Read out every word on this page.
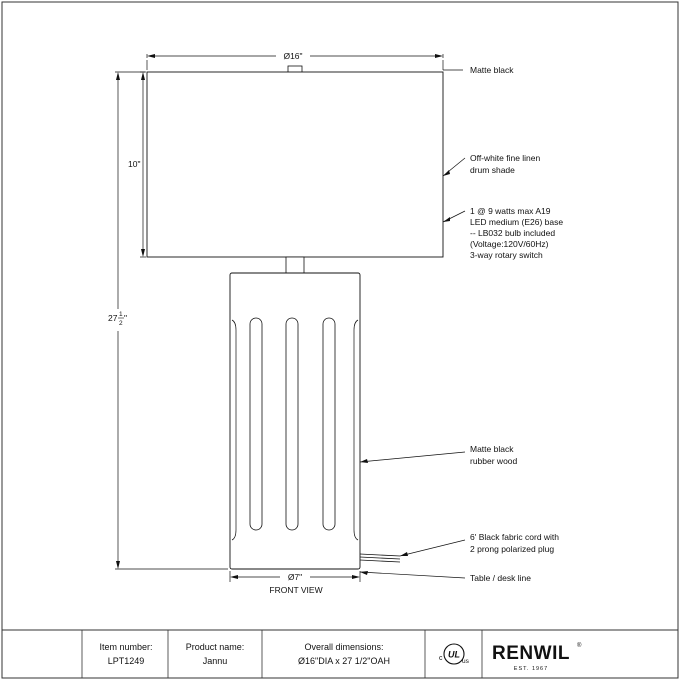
Ø16"
10"
27 1
2
"
Ø7"
FRONT VIEW
Matte black
Off-white fine linen drum shade
1 @ 9 watts max A19 LED medium (E26) base -- LB032 bulb included (Voltage:120V/60Hz) 3-way rotary switch
Matte black rubber wood
6' Black fabric cord with 2 prong polarized plug
Table / desk line
Item number:
LPT1249
Product name:
Jannu
Overall dimensions:
Ø16"DIA x 27 1/2"OAH	c UL
us RENWIL ®
EST. 1967
